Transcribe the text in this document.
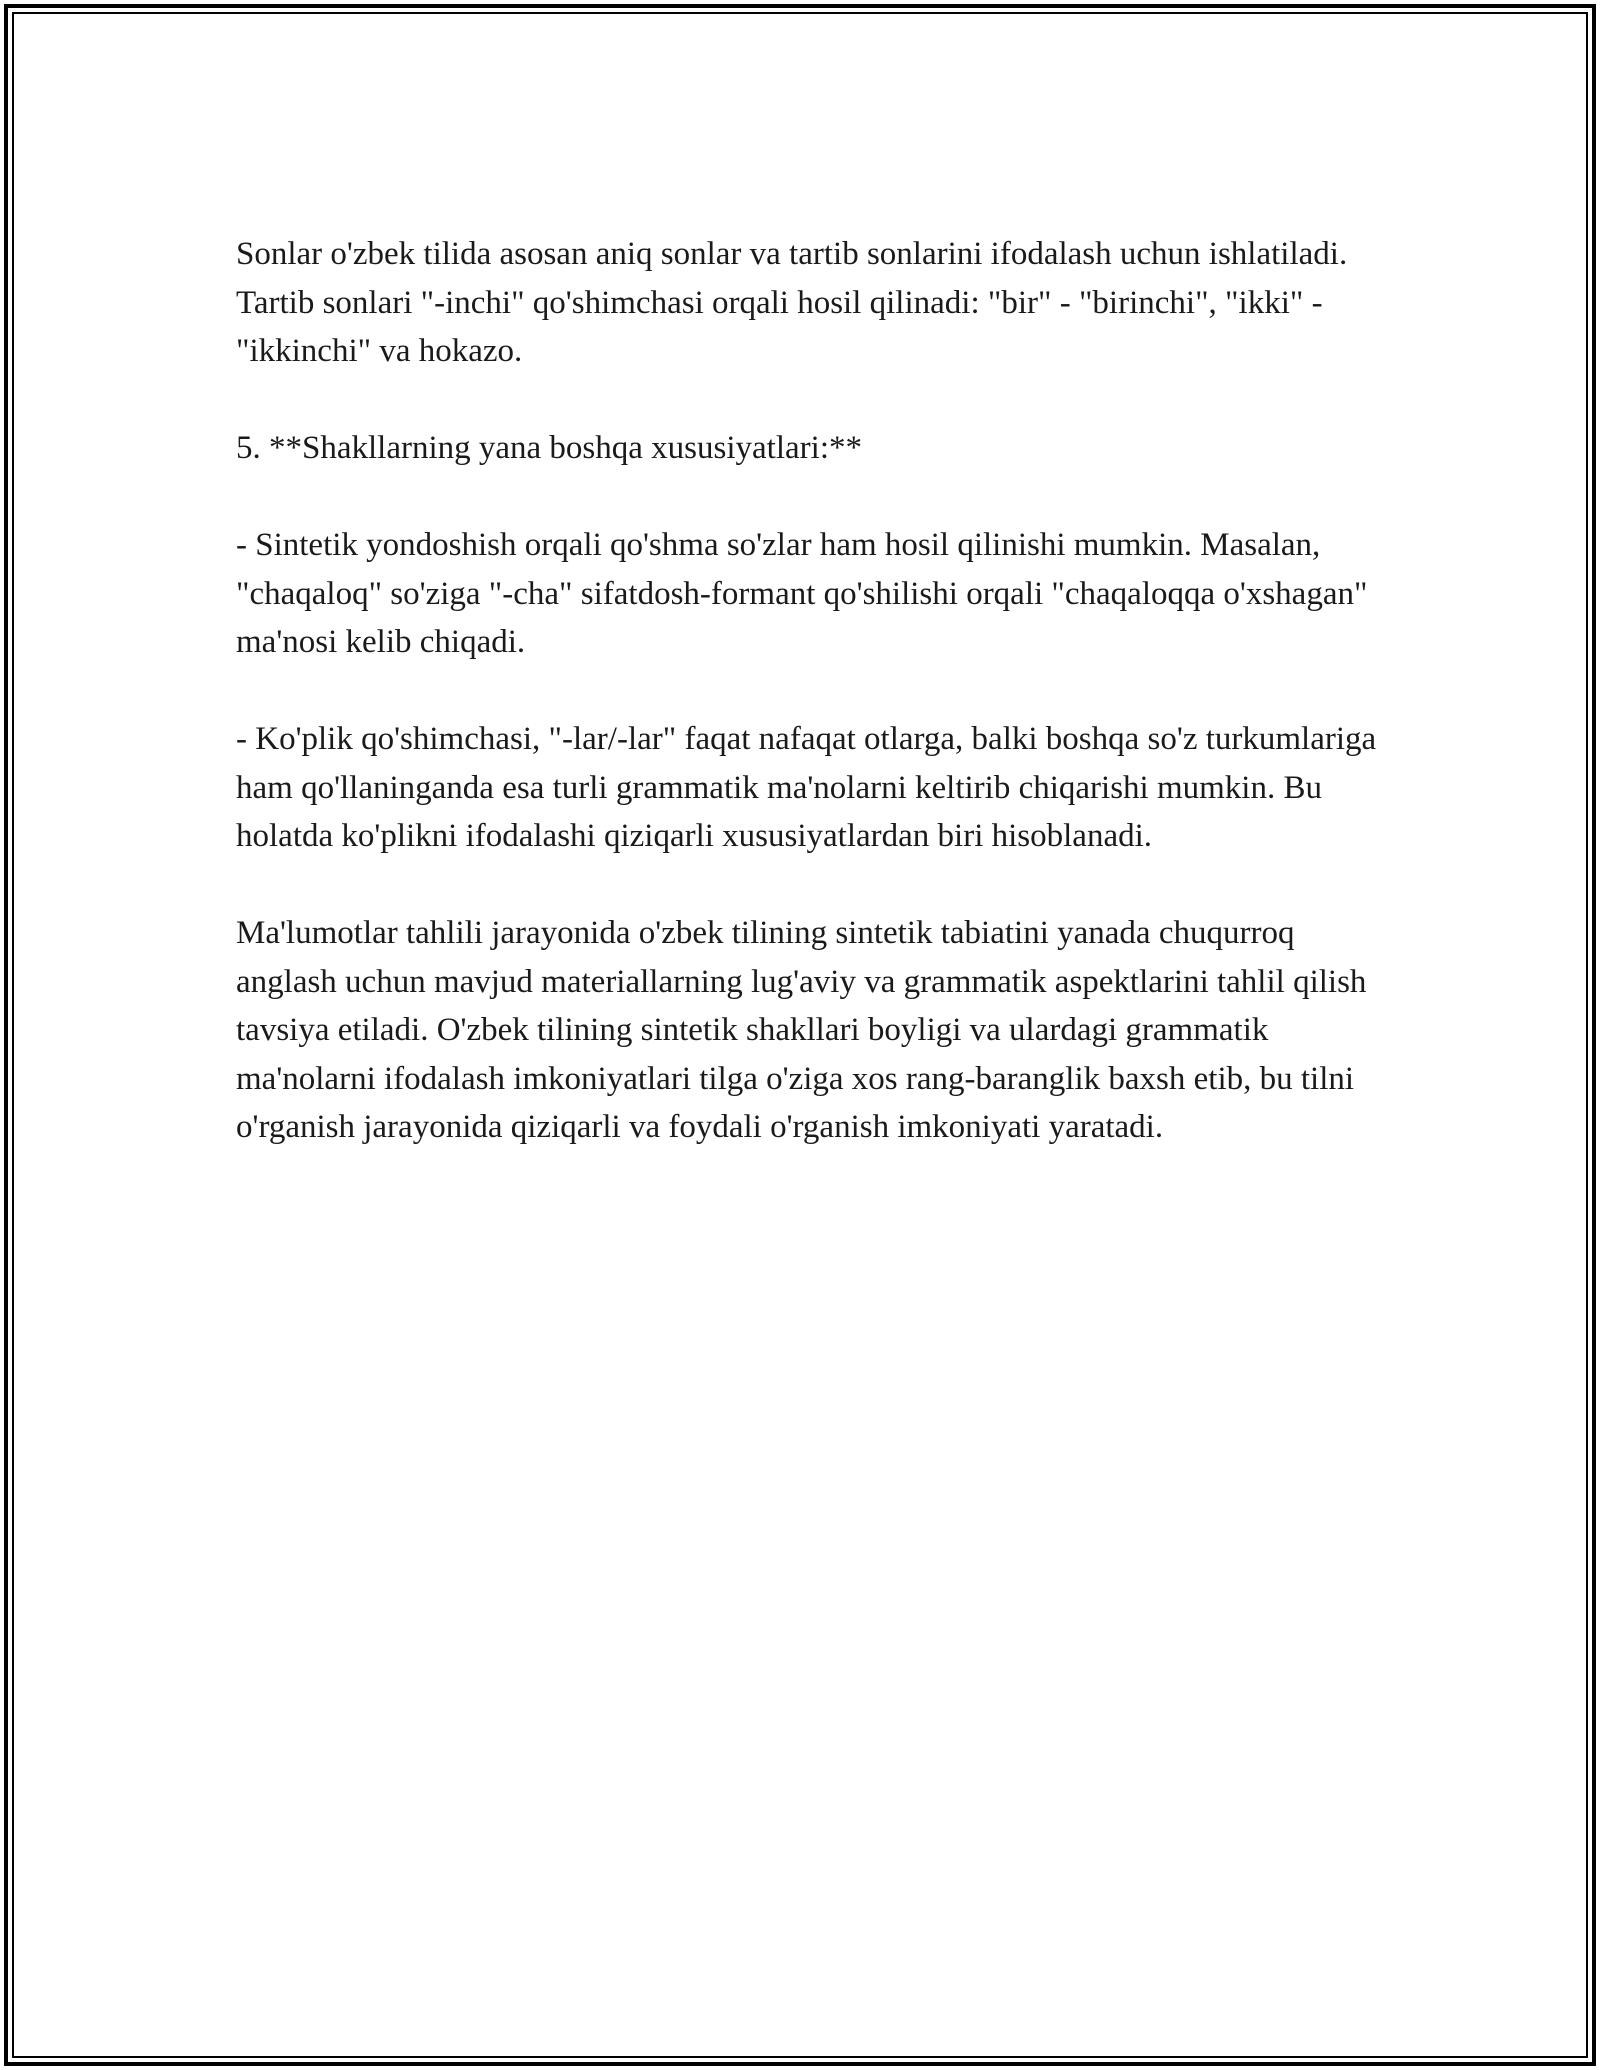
Sonlar o'zbek tilida asosan aniq sonlar va tartib sonlarini ifodalash uchun ishlatiladi. Tartib sonlari "-inchi" qo'shimchasi orqali hosil qilinadi: "bir" - "birinchi", "ikki" - "ikkinchi" va hokazo.

5. **Shakllarning yana boshqa xususiyatlari:**

- Sintetik yondoshish orqali qo'shma so'zlar ham hosil qilinishi mumkin. Masalan, "chaqaloq" so'ziga "-cha" sifatdosh-formant qo'shilishi orqali "chaqaloqqa o'xshagan" ma'nosi kelib chiqadi.

- Ko'plik qo'shimchasi, "-lar/-lar" faqat nafaqat otlarga, balki boshqa so'z turkumlariga ham qo'llaninganda esa turli grammatik ma'nolarni keltirib chiqarishi mumkin. Bu holatda ko'plikni ifodalashi qiziqarli xususiyatlardan biri hisoblanadi.

Ma'lumotlar tahlili jarayonida o'zbek tilining sintetik tabiatini yanada chuqurroq anglash uchun mavjud materiallarning lug'aviy va grammatik aspektlarini tahlil qilish tavsiya etiladi. O'zbek tilining sintetik shakllari boyligi va ulardagi grammatik ma'nolarni ifodalash imkoniyatlari tilga o'ziga xos rang-baranglik baxsh etib, bu tilni o'rganish jarayonida qiziqarli va foydali o'rganish imkoniyati yaratadi.
